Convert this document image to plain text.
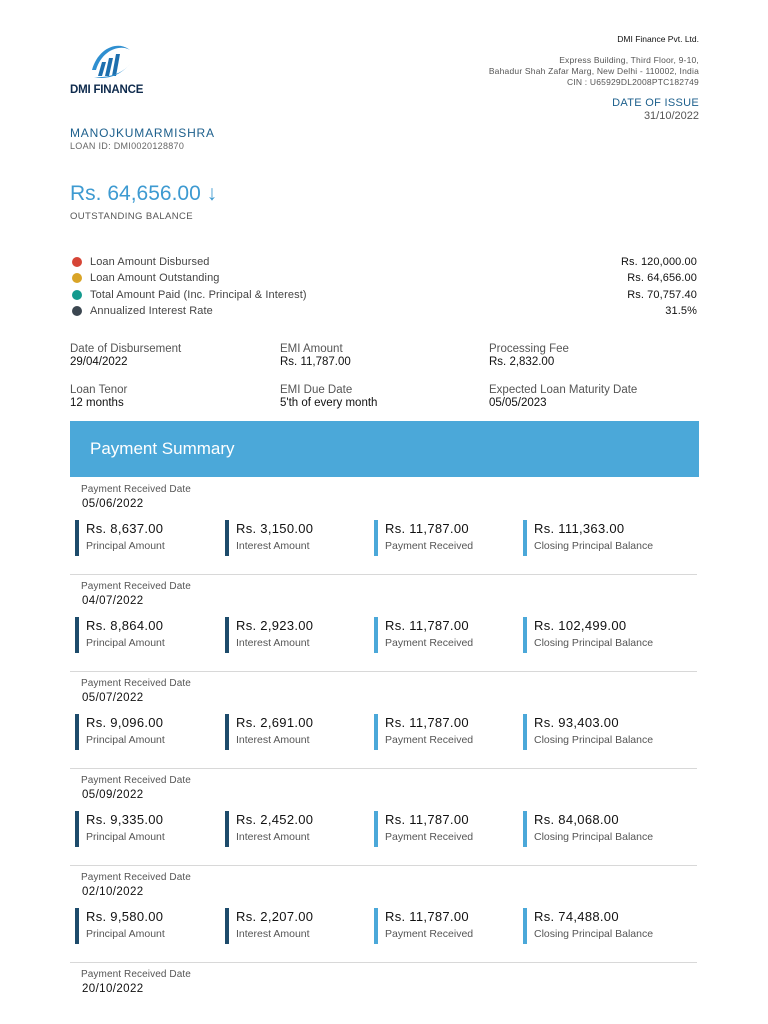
DMI FINANCE
DMI Finance Pvt. Ltd.
Express Building, Third Floor, 9-10,
Bahadur Shah Zafar Marg, New Delhi - 110002, India
CIN : U65929DL2008PTC182749
DATE OF ISSUE
31/10/2022
MANOJKUMARMISHRA
LOAN ID: DMI0020128870
Rs. 64,656.00 ↓
OUTSTANDING BALANCE
Loan Amount Disbursed	Rs. 120,000.00
Loan Amount Outstanding	Rs. 64,656.00
Total Amount Paid (Inc. Principal & Interest)	Rs. 70,757.40
Annualized Interest Rate	31.5%
Date of Disbursement
29/04/2022
EMI Amount
Rs. 11,787.00
Processing Fee
Rs. 2,832.00
Loan Tenor
12 months
EMI Due Date
5'th of every month
Expected Loan Maturity Date
05/05/2023
Payment Summary
Payment Received Date
05/06/2022
Rs. 8,637.00
Principal Amount
Rs. 3,150.00
Interest Amount
Rs. 11,787.00
Payment Received
Rs. 111,363.00
Closing Principal Balance
Payment Received Date
04/07/2022
Rs. 8,864.00
Principal Amount
Rs. 2,923.00
Interest Amount
Rs. 11,787.00
Payment Received
Rs. 102,499.00
Closing Principal Balance
Payment Received Date
05/07/2022
Rs. 9,096.00
Principal Amount
Rs. 2,691.00
Interest Amount
Rs. 11,787.00
Payment Received
Rs. 93,403.00
Closing Principal Balance
Payment Received Date
05/09/2022
Rs. 9,335.00
Principal Amount
Rs. 2,452.00
Interest Amount
Rs. 11,787.00
Payment Received
Rs. 84,068.00
Closing Principal Balance
Payment Received Date
02/10/2022
Rs. 9,580.00
Principal Amount
Rs. 2,207.00
Interest Amount
Rs. 11,787.00
Payment Received
Rs. 74,488.00
Closing Principal Balance
Payment Received Date
20/10/2022
